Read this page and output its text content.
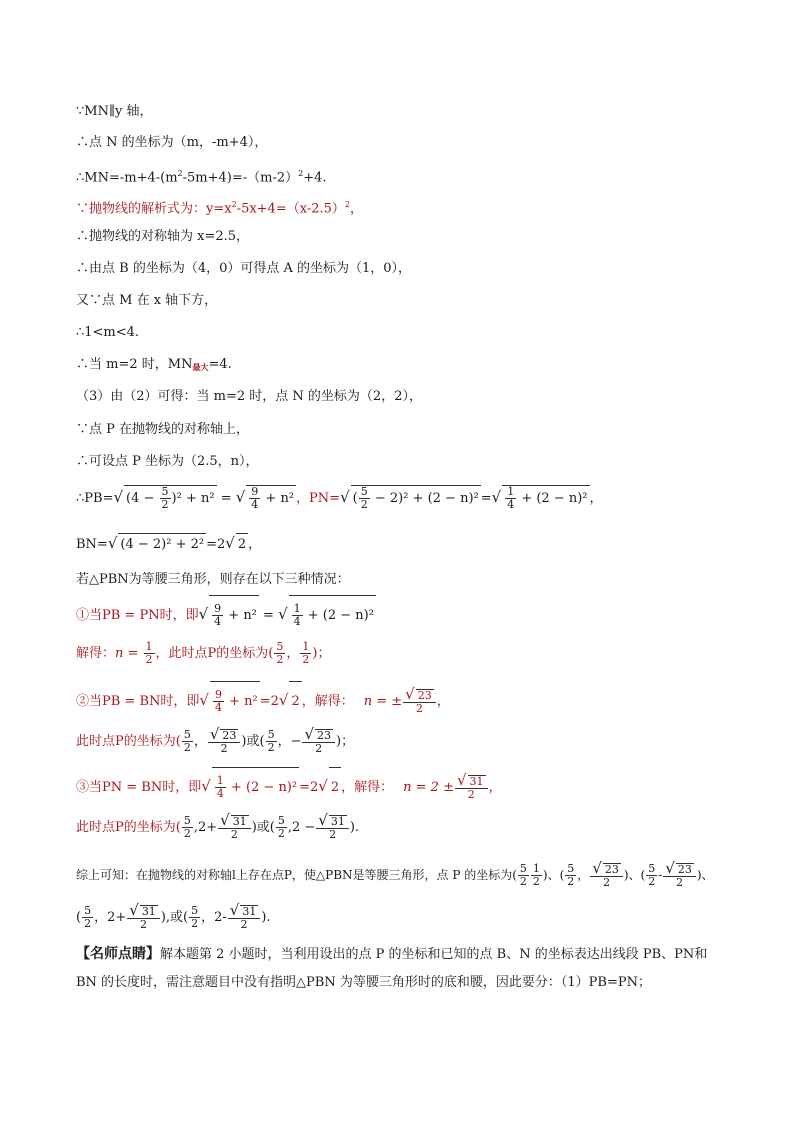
∵MN∥y 轴，
∴点 N 的坐标为（m，-m+4），
$\therefore MN=-m+4-(m^2-5m+4)=-(m-2)^2+4$.
∵抛物线的解析式为：$y=x^2-5x+4=(x-2.5)^2$，
∴抛物线的对称轴为 x=2.5，
∴由点 B 的坐标为（4，0）可得点 A 的坐标为（1，0），
又∵点 M 在 x 轴下方，
∴1<m<4.
∴当 m=2 时，$MN_{最大}=4$.
（3）由（2）可得：当 m=2 时，点 N 的坐标为（2，2），
∵点 P 在抛物线的对称轴上，
∴可设点 P 坐标为（2.5，n），
∴PB=√ $(4 - \frac{5}{2} )^2 + n^2$ = √ $\frac{9}{4} + n^2$ ，PN=√ ( $\frac{5}{2} - 2)^2 + (2 - n)^2$ =√ $\frac{1}{4} + (2 - n)^2$ ，
BN=√ (4 − 2)² + 2² =2√ 2 ，
若△PBN为等腰三角形，则存在以下三种情况：
①当PB = PN时，即√ $\frac{9}{4} + n^2$ = √ $\frac{1}{4} + (2 - n)^2$
解得：$n = \frac{1}{2}$ ，此时点P的坐标为( $\frac{5}{2}$ ， $\frac{1}{2}$ )；
②当PB = BN时，即√ $\frac{9}{4} + n^2 =2√$ 2 ，解得： n = ± $\frac{√ 23}{2}$ ，
此时点P的坐标为( $\frac{5}{2}$ ， $\frac{√ 23}{2}$ )或( $\frac{5}{2}$ ，− $\frac{√ 23}{2}$ )；
③当PN = BN时，即√ $\frac{1}{4} + (2 - n)^2 =2√$ 2 ，解得： $n = 2 \pm \frac{√ 31}{2}$ ，
此时点P的坐标为( $\frac{5}{2} ,2+ \frac{√ 31}{2}$ )或( $\frac{5}{2} ,2 - \frac{√ 31}{2}$ ).
综上可知：在抛物线的对称轴l上存在点P，使△PBN是等腰三角形，点 P 的坐标为( $\frac{5}{2} \frac{1}{2}$ )、( $\frac{5}{2}$ ， $\frac{√ 23}{2}$ )、( $\frac{5}{2} - \frac{√ 23}{2}$ )、
( $\frac{5}{2}$ ，$2+ \frac{√ 31}{2}$ ),或( $\frac{5}{2}$ ，$2- \frac{√ 31}{2}$ ).
【名师点睛】解本题第 2 小题时，当利用设出的点 P 的坐标和已知的点 B、N 的坐标表达出线段 PB、PN和 BN 的长度时，需注意题目中没有指明△PBN 为等腰三角形时的底和腰，因此要分：（1）PB=PN；
